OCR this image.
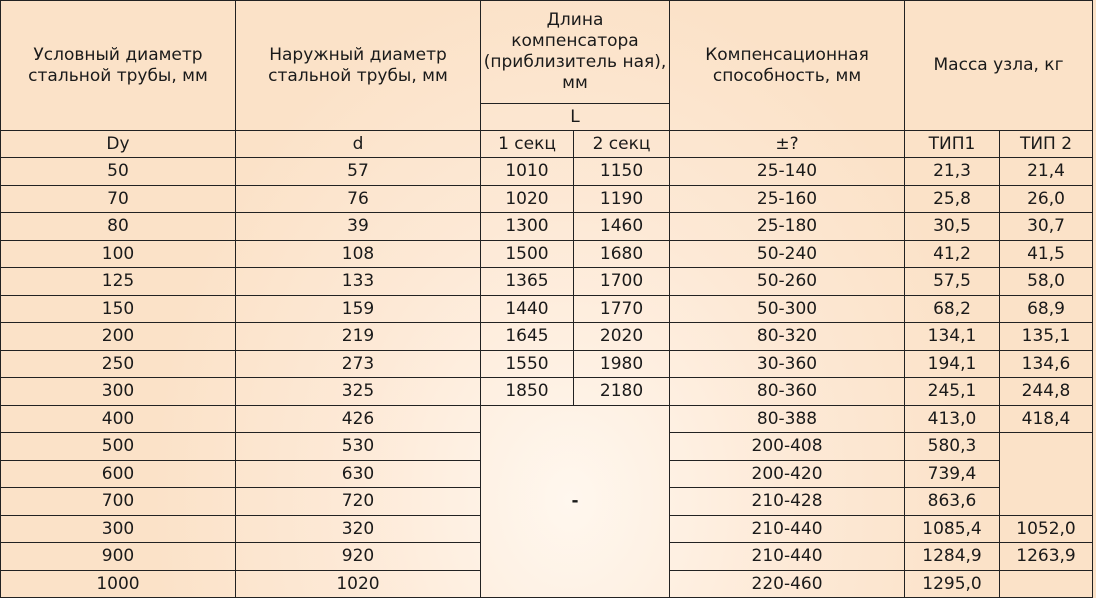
Условный диаметр стальной трубы, мм	Наружный диаметр стальной трубы, мм	Длина компенсатора (приблизитель ная), мм		Компенсационная способность, мм	Масса узла, кг	
		L				
Dy	d	1 секц	2 секц	±?	ТИП1	ТИП 2
50	57	1010	1150	25-140	21,3	21,4
70	76	1020	1190	25-160	25,8	26,0
80	39	1300	1460	25-180	30,5	30,7
100	108	1500	1680	50-240	41,2	41,5
125	133	1365	1700	50-260	57,5	58,0
150	159	1440	1770	50-300	68,2	68,9
200	219	1645	2020	80-320	134,1	135,1
250	273	1550	1980	30-360	194,1	134,6
300	325	1850	2180	80-360	245,1	244,8
400	426	-		80-388	413,0	418,4
500	530			200-408	580,3	
600	630			200-420	739,4	
700	720			210-428	863,6	
300	320			210-440	1085,4	1052,0
900	920			210-440	1284,9	1263,9
1000	1020			220-460	1295,0	
